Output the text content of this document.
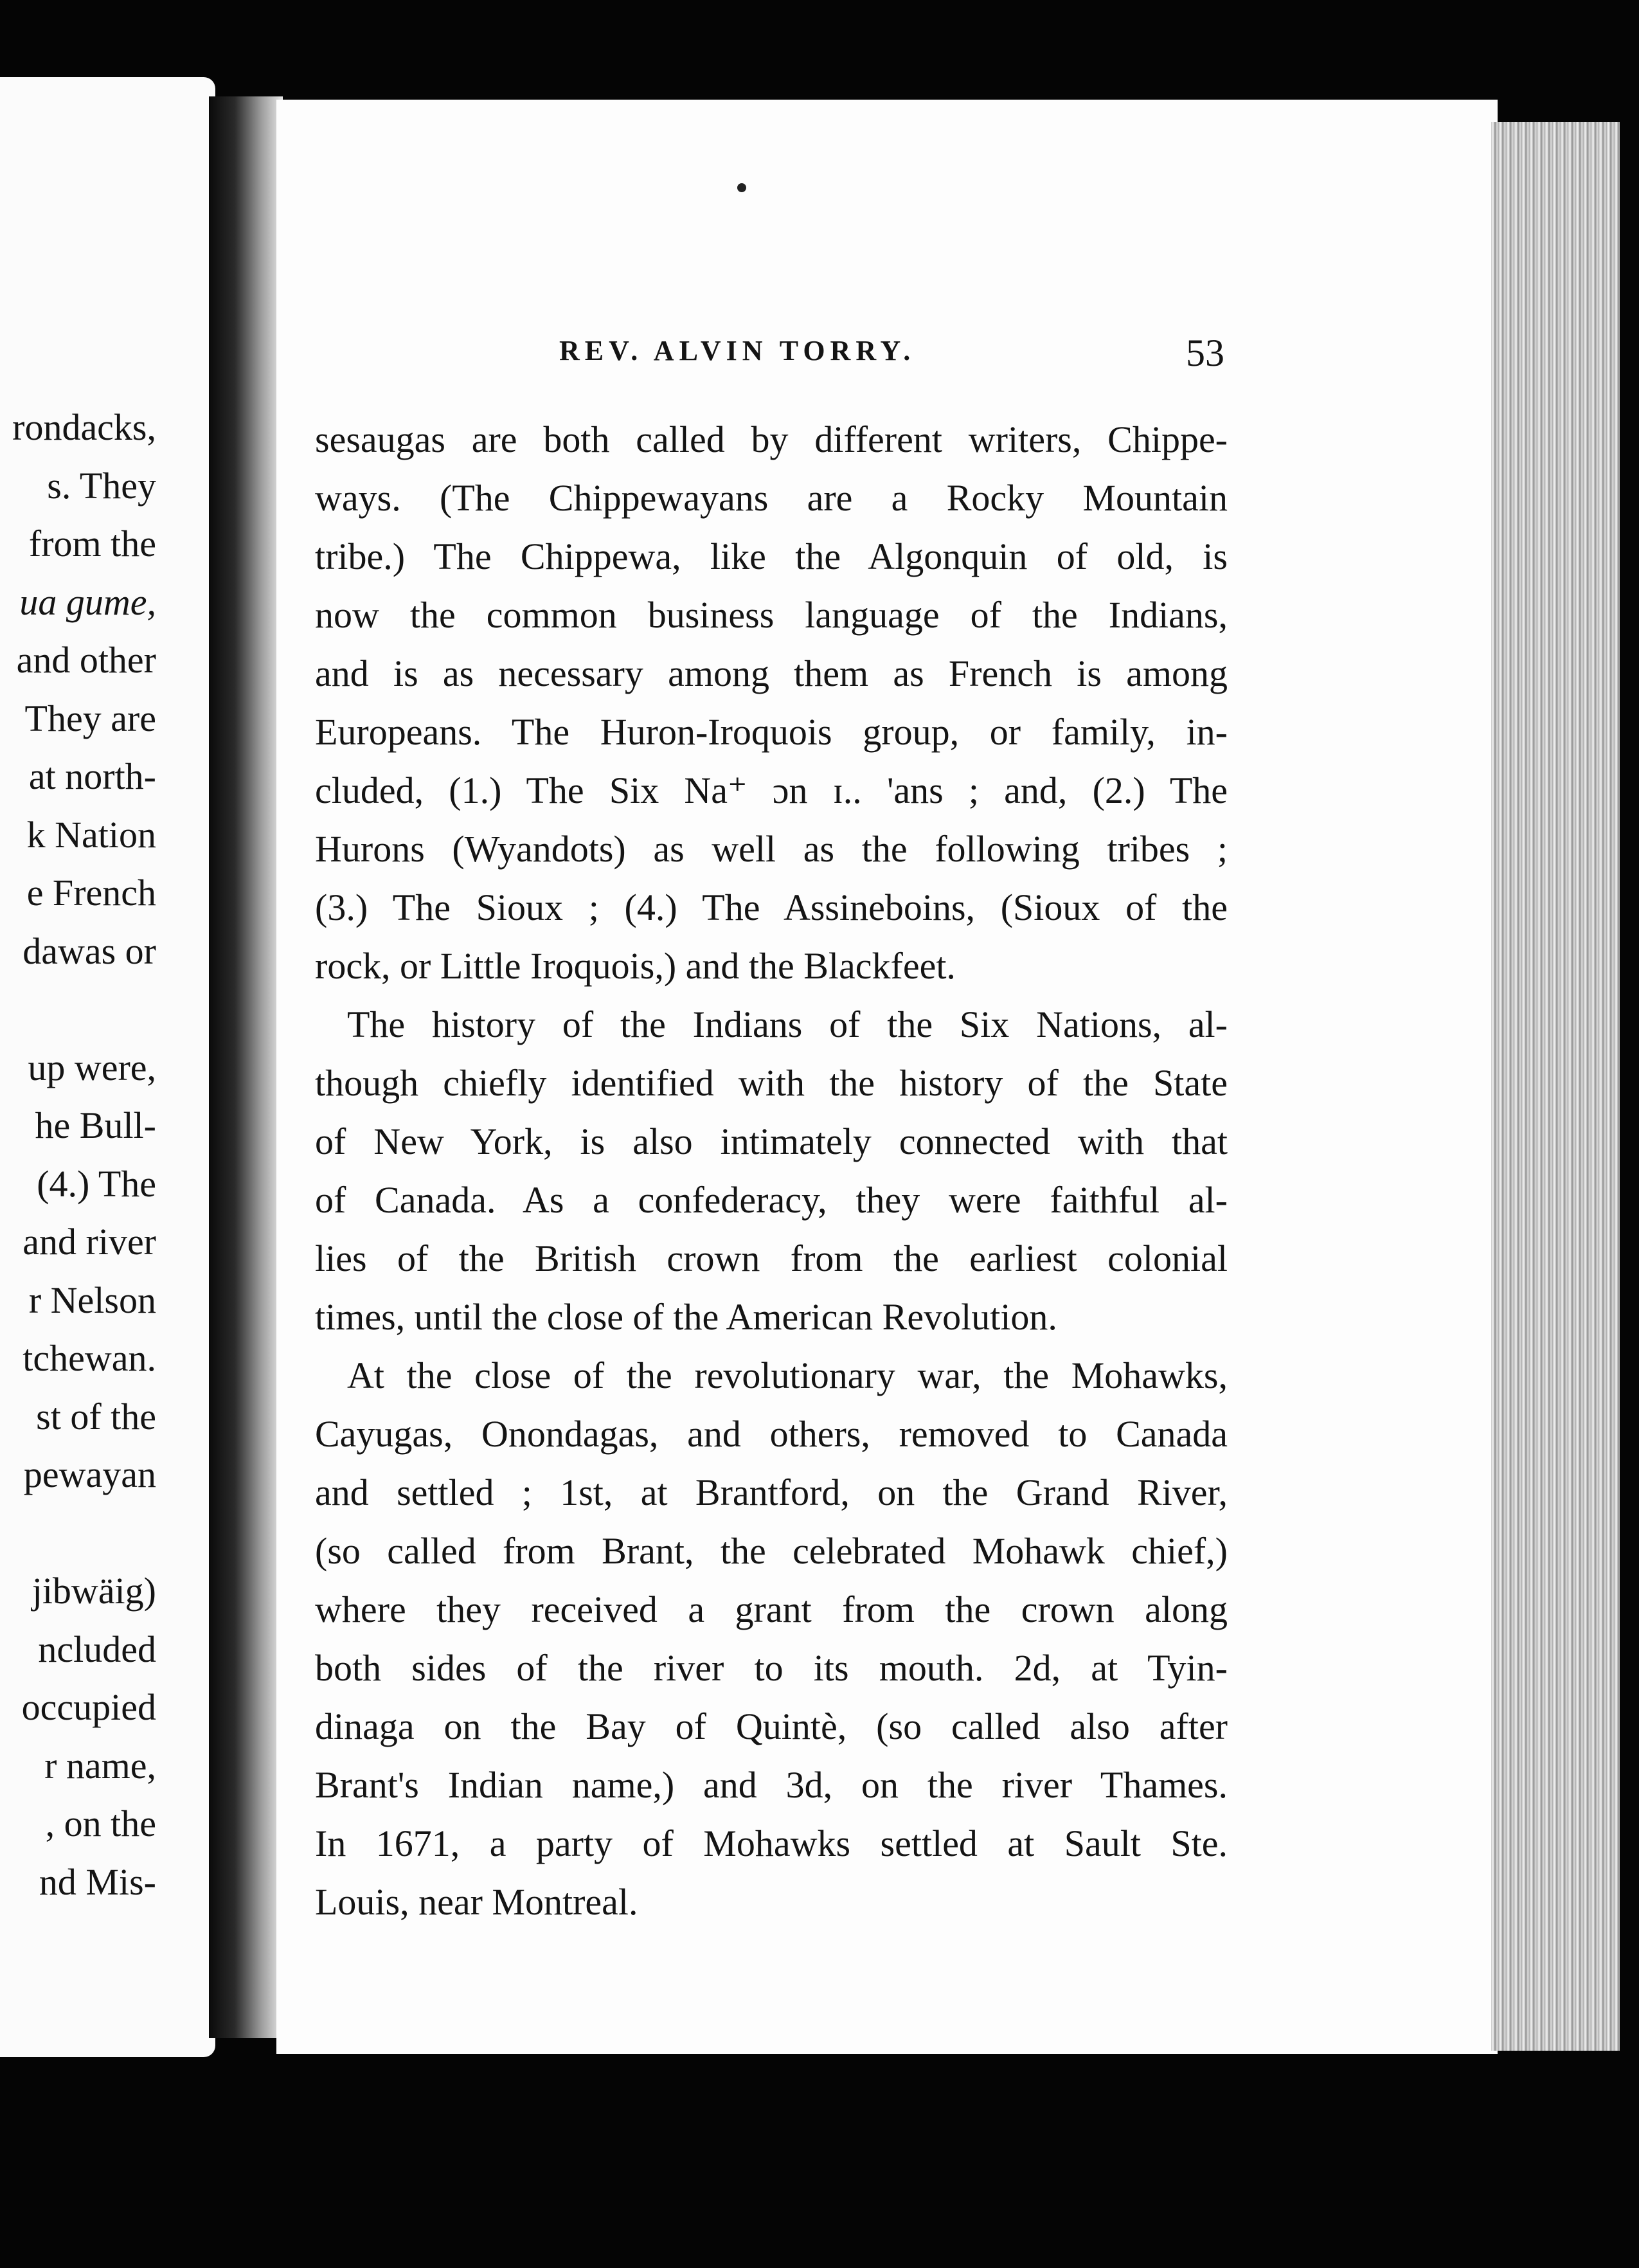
rondacks,
s. They
from the
ua gume,
and other
They are
at north-
k Nation
e French
dawas or
up were,
he Bull-
(4.) The
and river
r Nelson
tchewan.
st of the
pewayan
jibwäig)
ncluded
occupied
r name,
, on the
nd Mis-
REV. ALVIN TORRY.	53

sesaugas are both called by different writers, Chippe-
ways. (The Chippewayans are a Rocky Mountain
tribe.) The Chippewa, like the Algonquin of old, is
now the common business language of the Indians,
and is as necessary among them as French is among
Europeans. The Huron-Iroquois group, or family, in-
cluded, (1.) The Six Na⁺ ɔn ɪ.. 'ans ; and, (2.) The
Hurons (Wyandots) as well as the following tribes ;
(3.) The Sioux ; (4.) The Assineboins, (Sioux of the
rock, or Little Iroquois,) and the Blackfeet.

The history of the Indians of the Six Nations, al-
though chiefly identified with the history of the State
of New York, is also intimately connected with that
of Canada. As a confederacy, they were faithful al-
lies of the British crown from the earliest colonial
times, until the close of the American Revolution.

At the close of the revolutionary war, the Mohawks,
Cayugas, Onondagas, and others, removed to Canada
and settled ; 1st, at Brantford, on the Grand River,
(so called from Brant, the celebrated Mohawk chief,)
where they received a grant from the crown along
both sides of the river to its mouth. 2d, at Tyin-
dinaga on the Bay of Quintè, (so called also after
Brant's Indian name,) and 3d, on the river Thames.
In 1671, a party of Mohawks settled at Sault Ste.
Louis, near Montreal.
